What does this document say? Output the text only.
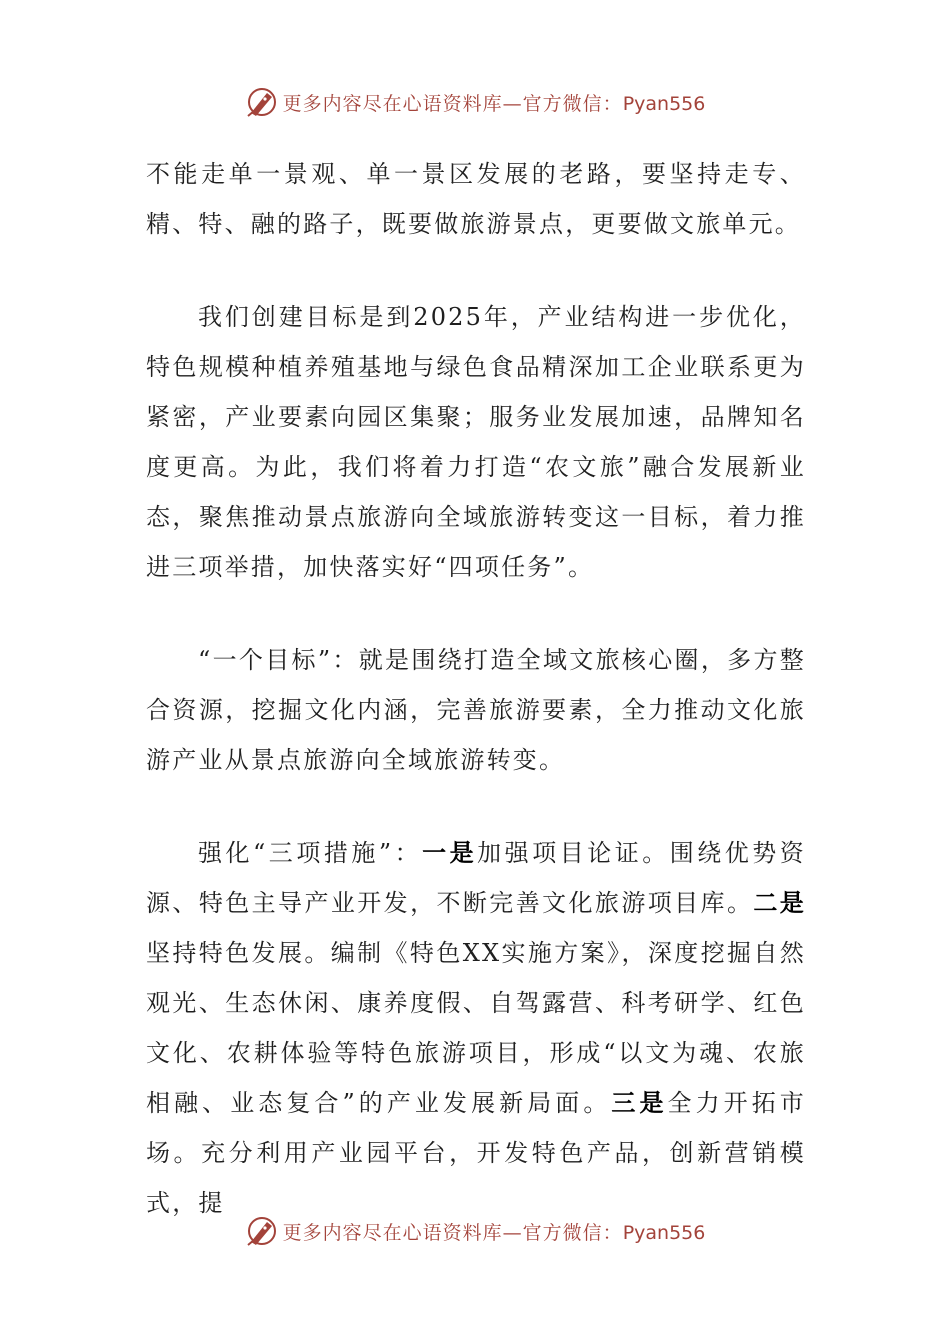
更多内容尽在心语资料库—官方微信：Pyan556

不能走单一景观、单一景区发展的老路，要坚持走专、精、特、融的路子，既要做旅游景点，更要做文旅单元。

我们创建目标是到2025年，产业结构进一步优化，特色规模种植养殖基地与绿色食品精深加工企业联系更为紧密，产业要素向园区集聚；服务业发展加速，品牌知名度更高。为此，我们将着力打造“农文旅”融合发展新业态，聚焦推动景点旅游向全域旅游转变这一目标，着力推进三项举措，加快落实好“四项任务”。

“一个目标”：就是围绕打造全域文旅核心圈，多方整合资源，挖掘文化内涵，完善旅游要素，全力推动文化旅游产业从景点旅游向全域旅游转变。

强化“三项措施”：一是加强项目论证。围绕优势资源、特色主导产业开发，不断完善文化旅游项目库。二是坚持特色发展。编制《特色XX实施方案》，深度挖掘自然观光、生态休闲、康养度假、自驾露营、科考研学、红色文化、农耕体验等特色旅游项目，形成“以文为魂、农旅相融、业态复合”的产业发展新局面。三是全力开拓市场。充分利用产业园平台，开发特色产品，创新营销模式，提

更多内容尽在心语资料库—官方微信：Pyan556
